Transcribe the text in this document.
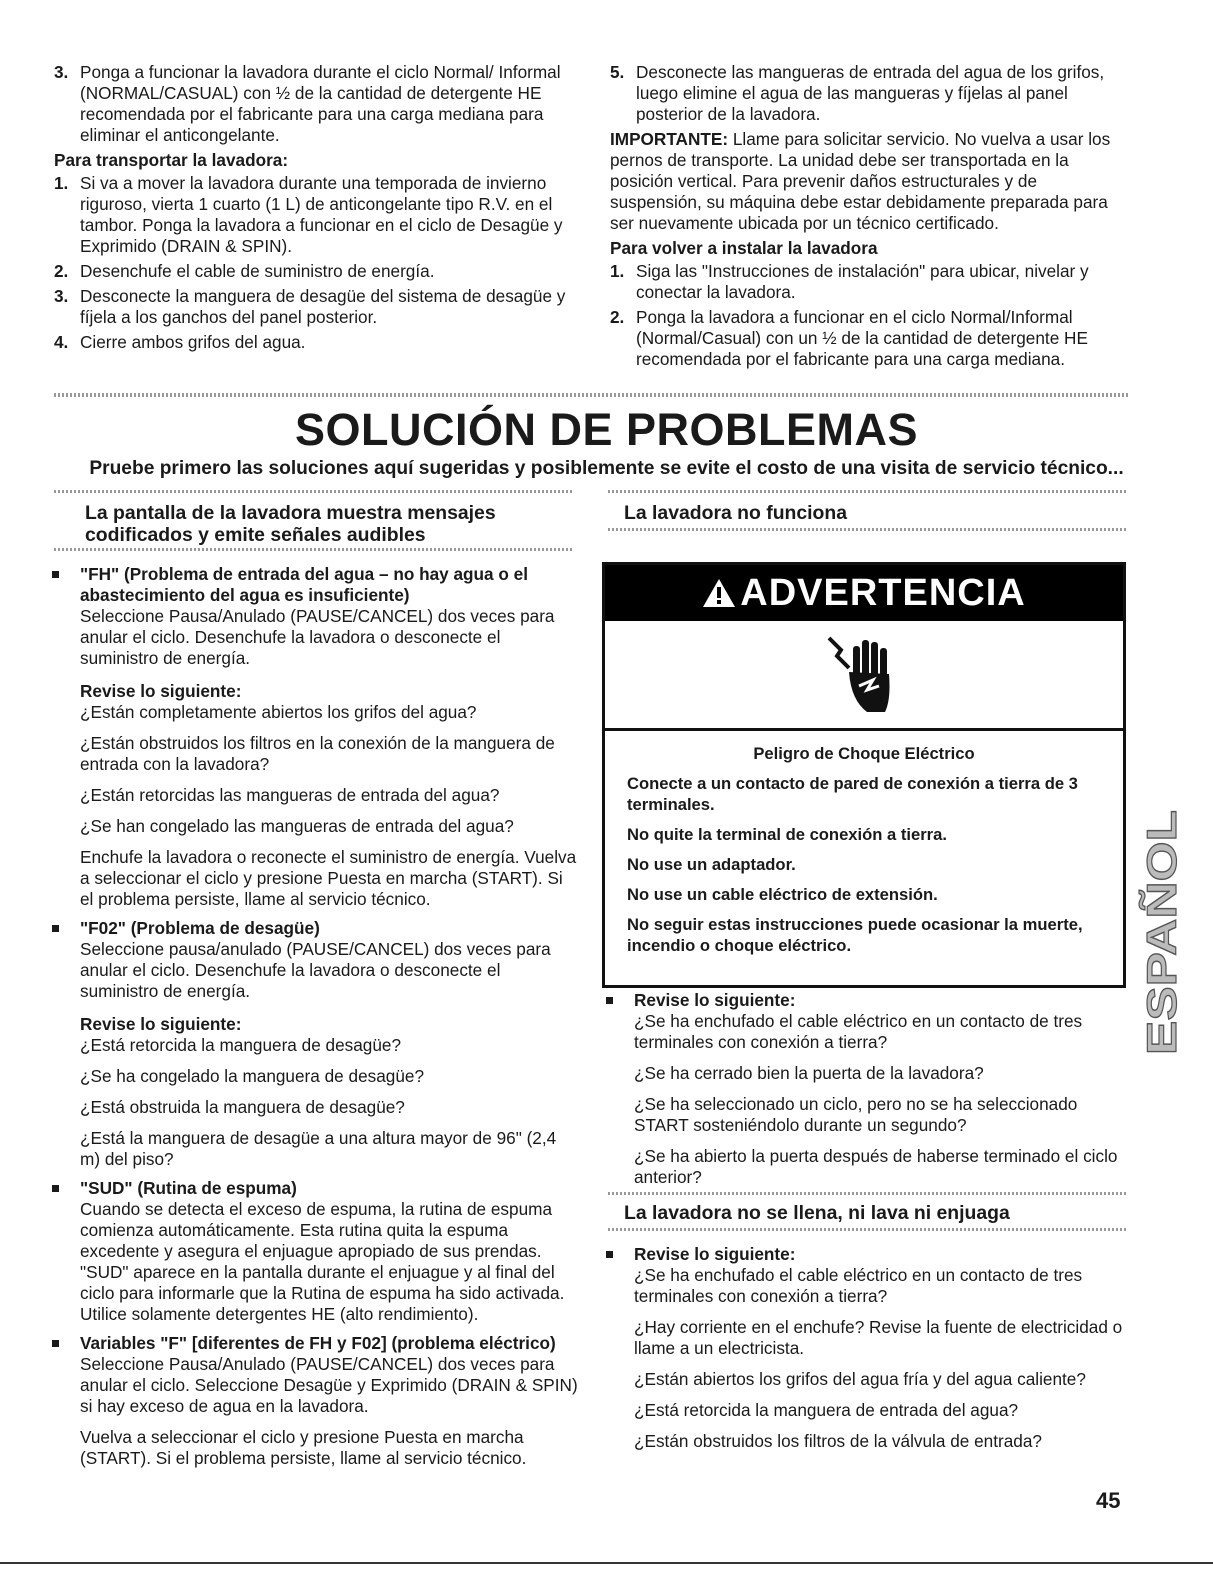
3. Ponga a funcionar la lavadora durante el ciclo Normal/ Informal (NORMAL/CASUAL) con ½ de la cantidad de detergente HE recomendada por el fabricante para una carga mediana para eliminar el anticongelante.

Para transportar la lavadora:

1. Si va a mover la lavadora durante una temporada de invierno riguroso, vierta 1 cuarto (1 L) de anticongelante tipo R.V. en el tambor. Ponga la lavadora a funcionar en el ciclo de Desagüe y Exprimido (DRAIN & SPIN).
2. Desenchufe el cable de suministro de energía.
3. Desconecte la manguera de desagüe del sistema de desagüe y fíjela a los ganchos del panel posterior.
4. Cierre ambos grifos del agua.
5. Desconecte las mangueras de entrada del agua de los grifos, luego elimine el agua de las mangueras y fíjelas al panel posterior de la lavadora.

IMPORTANTE: Llame para solicitar servicio. No vuelva a usar los pernos de transporte. La unidad debe ser transportada en la posición vertical. Para prevenir daños estructurales y de suspensión, su máquina debe estar debidamente preparada para ser nuevamente ubicada por un técnico certificado.

Para volver a instalar la lavadora

1. Siga las "Instrucciones de instalación" para ubicar, nivelar y conectar la lavadora.
2. Ponga la lavadora a funcionar en el ciclo Normal/Informal (Normal/Casual) con un ½ de la cantidad de detergente HE recomendada por el fabricante para una carga mediana.
SOLUCIÓN DE PROBLEMAS

Pruebe primero las soluciones aquí sugeridas y posiblemente se evite el costo de una visita de servicio técnico...

La pantalla de la lavadora muestra mensajes

codificados y emite señales audibles

"FH" (Problema de entrada del agua – no hay agua o el abastecimiento del agua es insuficiente)

Seleccione Pausa/Anulado (PAUSE/CANCEL) dos veces para anular el ciclo. Desenchufe la lavadora o desconecte el suministro de energía.

Revise lo siguiente:

¿Están completamente abiertos los grifos del agua?

¿Están obstruidos los filtros en la conexión de la manguera de entrada con la lavadora?

¿Están retorcidas las mangueras de entrada del agua?

¿Se han congelado las mangueras de entrada del agua?

Enchufe la lavadora o reconecte el suministro de energía. Vuelva a seleccionar el ciclo y presione Puesta en marcha (START). Si el problema persiste, llame al servicio técnico.

"F02" (Problema de desagüe)

Seleccione pausa/anulado (PAUSE/CANCEL) dos veces para anular el ciclo. Desenchufe la lavadora o desconecte el suministro de energía.

Revise lo siguiente:

¿Está retorcida la manguera de desagüe?

¿Se ha congelado la manguera de desagüe?

¿Está obstruida la manguera de desagüe?

¿Está la manguera de desagüe a una altura mayor de 96" (2,4 m) del piso?

"SUD" (Rutina de espuma)

Cuando se detecta el exceso de espuma, la rutina de espuma comienza automáticamente. Esta rutina quita la espuma excedente y asegura el enjuague apropiado de sus prendas. "SUD" aparece en la pantalla durante el enjuague y al final del ciclo para informarle que la Rutina de espuma ha sido activada. Utilice solamente detergentes HE (alto rendimiento).

Variables "F" [diferentes de FH y F02] (problema eléctrico)

Seleccione Pausa/Anulado (PAUSE/CANCEL) dos veces para anular el ciclo. Seleccione Desagüe y Exprimido (DRAIN & SPIN) si hay exceso de agua en la lavadora.

Vuelva a seleccionar el ciclo y presione Puesta en marcha (START). Si el problema persiste, llame al servicio técnico.

La lavadora no funciona

ADVERTENCIA

Peligro de Choque Eléctrico

Conecte a un contacto de pared de conexión a tierra de 3 terminales.

No quite la terminal de conexión a tierra.

No use un adaptador.

No use un cable eléctrico de extensión.

No seguir estas instrucciones puede ocasionar la muerte, incendio o choque eléctrico.

Revise lo siguiente:

¿Se ha enchufado el cable eléctrico en un contacto de tres terminales con conexión a tierra?

¿Se ha cerrado bien la puerta de la lavadora?

¿Se ha seleccionado un ciclo, pero no se ha seleccionado START sosteniéndolo durante un segundo?

¿Se ha abierto la puerta después de haberse terminado el ciclo anterior?

La lavadora no se llena, ni lava ni enjuaga

Revise lo siguiente:

¿Se ha enchufado el cable eléctrico en un contacto de tres terminales con conexión a tierra?

¿Hay corriente en el enchufe? Revise la fuente de electricidad o llame a un electricista.

¿Están abiertos los grifos del agua fría y del agua caliente?

¿Está retorcida la manguera de entrada del agua?

¿Están obstruidos los filtros de la válvula de entrada?

ESPAÑOL
45
